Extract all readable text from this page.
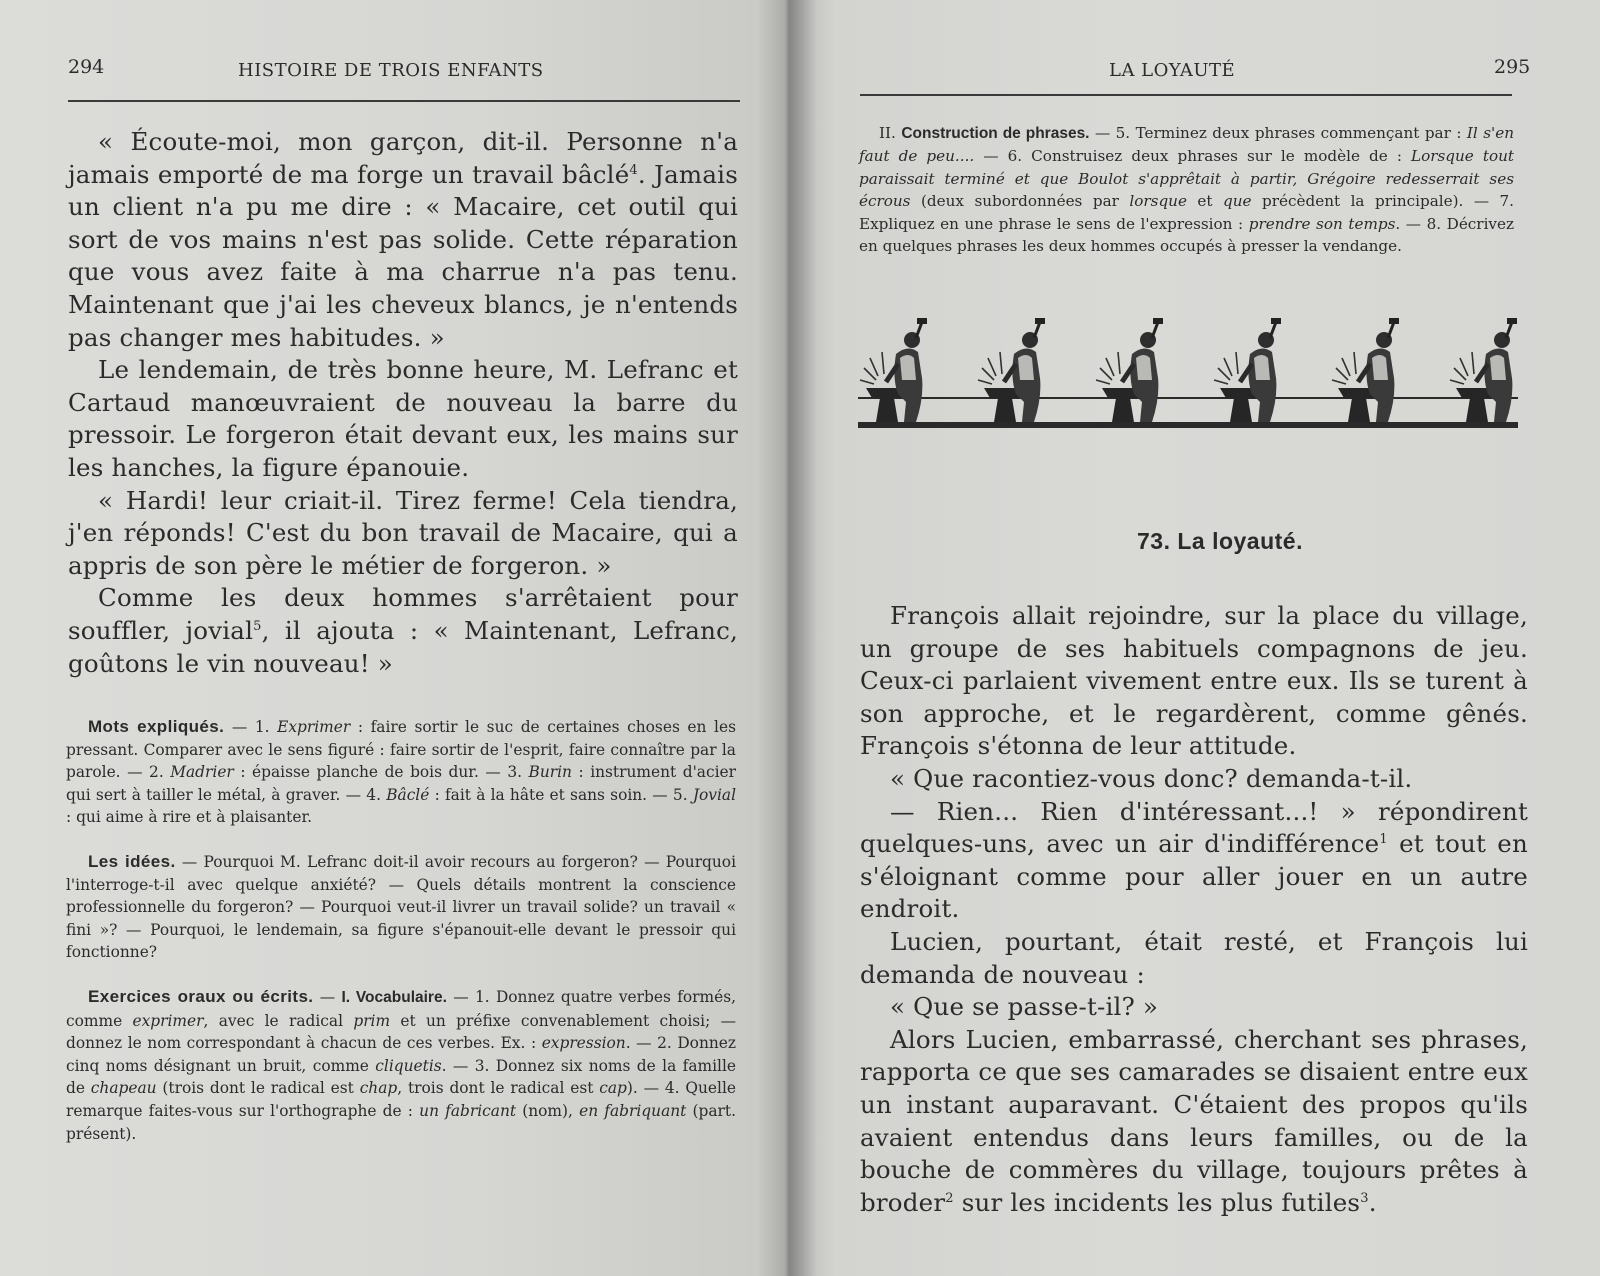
294	HISTOIRE DE TROIS ENFANTS

« Écoute-moi, mon garçon, dit-il. Personne n'a jamais emporté de ma forge un travail bâclé$^4$. Jamais un client n'a pu me dire : « Macaire, cet outil qui sort de vos mains n'est pas solide. Cette réparation que vous avez faite à ma charrue n'a pas tenu. Maintenant que j'ai les cheveux blancs, je n'entends pas changer mes habitudes. »

Le lendemain, de très bonne heure, M. Lefranc et Cartaud manœuvraient de nouveau la barre du pressoir. Le forgeron était devant eux, les mains sur les hanches, la figure épanouie.

« Hardi! leur criait-il. Tirez ferme! Cela tiendra, j'en réponds! C'est du bon travail de Macaire, qui a appris de son père le métier de forgeron. »

Comme les deux hommes s'arrêtaient pour souffler, jovial$^5$, il ajouta : « Maintenant, Lefranc, goûtons le vin nouveau! »

Mots expliqués. — 1. Exprimer : faire sortir le suc de certaines choses en les pressant. Comparer avec le sens figuré : faire sortir de l'esprit, faire connaître par la parole. — 2. Madrier : épaisse planche de bois dur. — 3. Burin : instrument d'acier qui sert à tailler le métal, à graver. — 4. Bâclé : fait à la hâte et sans soin. — 5. Jovial : qui aime à rire et à plaisanter.

Les idées. — Pourquoi M. Lefranc doit-il avoir recours au forgeron? — Pourquoi l'interroge-t-il avec quelque anxiété? — Quels détails montrent la conscience professionnelle du forgeron? — Pourquoi veut-il livrer un travail solide? un travail « fini »? — Pourquoi, le lendemain, sa figure s'épanouit-elle devant le pressoir qui fonctionne?

Exercices oraux ou écrits. — I. Vocabulaire. — 1. Donnez quatre verbes formés, comme exprimer, avec le radical prim et un préfixe convenablement choisi; — donnez le nom correspondant à chacun de ces verbes. Ex. : expression. — 2. Donnez cinq noms désignant un bruit, comme cliquetis. — 3. Donnez six noms de la famille de chapeau (trois dont le radical est chap, trois dont le radical est cap). — 4. Quelle remarque faites-vous sur l'orthographe de : un fabricant (nom), en fabriquant (part. présent).

LA LOYAUTÉ	295

II. Construction de phrases. — 5. Terminez deux phrases commençant par : Il s'en faut de peu.... — 6. Construisez deux phrases sur le modèle de : Lorsque tout paraissait terminé et que Boulot s'apprêtait à partir, Grégoire redesserrait ses écrous (deux subordonnées par lorsque et que précèdent la principale). — 7. Expliquez en une phrase le sens de l'expression : prendre son temps. — 8. Décrivez en quelques phrases les deux hommes occupés à presser la vendange.

73. La loyauté.

François allait rejoindre, sur la place du village, un groupe de ses habituels compagnons de jeu. Ceux-ci parlaient vivement entre eux. Ils se turent à son approche, et le regardèrent, comme gênés. François s'étonna de leur attitude.

« Que racontiez-vous donc? demanda-t-il.

— Rien... Rien d'intéressant...! » répondirent quelques-uns, avec un air d'indifférence$^1$ et tout en s'éloignant comme pour aller jouer en un autre endroit.

Lucien, pourtant, était resté, et François lui demanda de nouveau :

« Que se passe-t-il? »

Alors Lucien, embarrassé, cherchant ses phrases, rapporta ce que ses camarades se disaient entre eux un instant auparavant. C'étaient des propos qu'ils avaient entendus dans leurs familles, ou de la bouche de commères du village, toujours prêtes à broder$^2$ sur les incidents les plus futiles$^3$.
